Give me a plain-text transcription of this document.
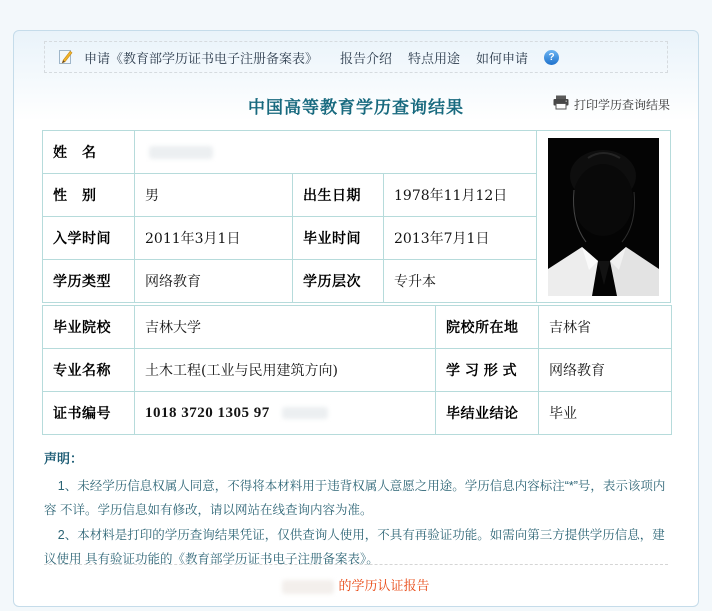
申请《教育部学历证书电子注册备案表》 报告介绍 特点用途 如何申请	?
中国高等教育学历查询结果	打印学历查询结果
姓　名	

性　别	男	出生日期	1978年11月12日	
入学时间	2011年3月1日	毕业时间	2013年7月1日	
学历类型	网络教育	学历层次	专升本	
毕业院校	吉林大学	院校所在地	吉林省
专业名称	土木工程(工业与民用建筑方向)	学 习 形 式	网络教育
证书编号	1018 3720 1305 97	毕结业结论	毕业
声明：
1、未经学历信息权属人同意，不得将本材料用于违背权属人意愿之用途。学历信息内容标注“*”号，表示该项内容 不详。学历信息如有修改，请以网站在线查询内容为准。
2、本材料是打印的学历查询结果凭证，仅供查询人使用，不具有再验证功能。如需向第三方提供学历信息，建议使用 具有验证功能的《教育部学历证书电子注册备案表》。
的学历认证报告
